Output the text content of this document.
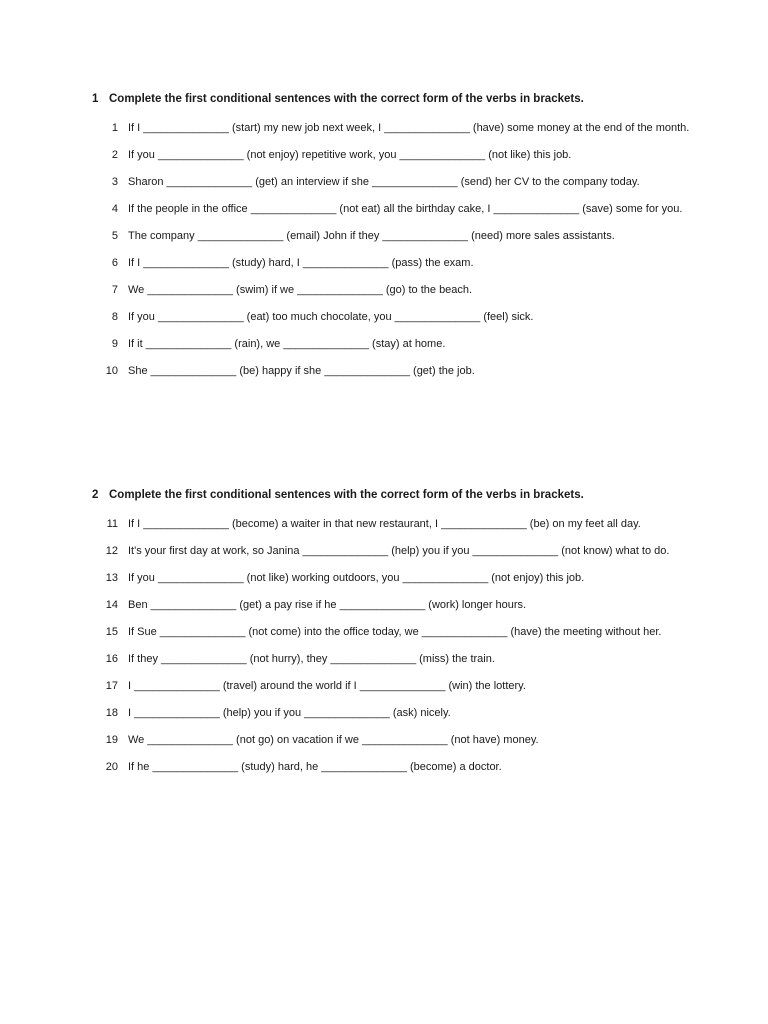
1 Complete the first conditional sentences with the correct form of the verbs in brackets.
1 If I ______________ (start) my new job next week, I ______________ (have) some money at the end of the month.
2 If you ______________ (not enjoy) repetitive work, you ______________ (not like) this job.
3 Sharon ______________ (get) an interview if she ______________ (send) her CV to the company today.
4 If the people in the office ______________ (not eat) all the birthday cake, I ______________ (save) some for you.
5 The company ______________ (email) John if they ______________ (need) more sales assistants.
6 If I ______________ (study) hard, I ______________ (pass) the exam.
7 We ______________ (swim) if we ______________ (go) to the beach.
8 If you ______________ (eat) too much chocolate, you ______________ (feel) sick.
9 If it ______________ (rain), we ______________ (stay) at home.
10 She ______________ (be) happy if she ______________ (get) the job.
2 Complete the first conditional sentences with the correct form of the verbs in brackets.
11 If I ______________ (become) a waiter in that new restaurant, I ______________ (be) on my feet all day.
12 It's your first day at work, so Janina ______________ (help) you if you ______________ (not know) what to do.
13 If you ______________ (not like) working outdoors, you ______________ (not enjoy) this job.
14 Ben ______________ (get) a pay rise if he ______________ (work) longer hours.
15 If Sue ______________ (not come) into the office today, we ______________ (have) the meeting without her.
16 If they ______________ (not hurry), they ______________ (miss) the train.
17 I ______________ (travel) around the world if I ______________ (win) the lottery.
18 I ______________ (help) you if you ______________ (ask) nicely.
19 We ______________ (not go) on vacation if we ______________ (not have) money.
20 If he ______________ (study) hard, he ______________ (become) a doctor.
